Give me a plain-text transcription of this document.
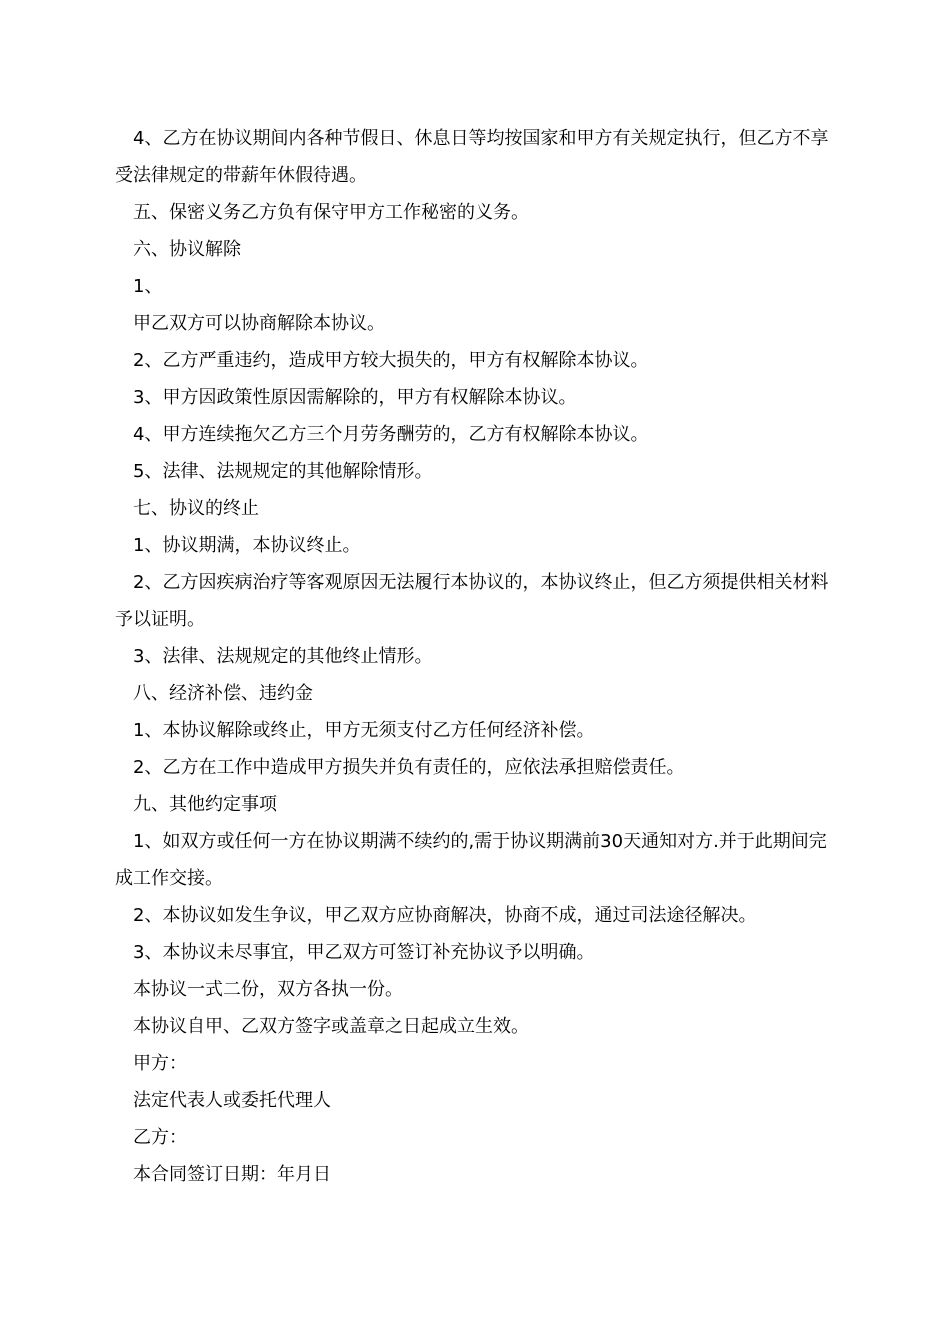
4、乙方在协议期间内各种节假日、休息日等均按国家和甲方有关规定执行，但乙方不享受法律规定的带薪年休假待遇。

五、保密义务乙方负有保守甲方工作秘密的义务。

六、协议解除

1、

甲乙双方可以协商解除本协议。

2、乙方严重违约，造成甲方较大损失的，甲方有权解除本协议。

3、甲方因政策性原因需解除的，甲方有权解除本协议。

4、甲方连续拖欠乙方三个月劳务酬劳的，乙方有权解除本协议。

5、法律、法规规定的其他解除情形。

七、协议的终止

1、协议期满，本协议终止。

2、乙方因疾病治疗等客观原因无法履行本协议的，本协议终止，但乙方须提供相关材料予以证明。

3、法律、法规规定的其他终止情形。

八、经济补偿、违约金

1、本协议解除或终止，甲方无须支付乙方任何经济补偿。

2、乙方在工作中造成甲方损失并负有责任的，应依法承担赔偿责任。

九、其他约定事项

1、如双方或任何一方在协议期满不续约的,需于协议期满前30天通知对方.并于此期间完成工作交接。

2、本协议如发生争议，甲乙双方应协商解决，协商不成，通过司法途径解决。

3、本协议未尽事宜，甲乙双方可签订补充协议予以明确。

本协议一式二份，双方各执一份。

本协议自甲、乙双方签字或盖章之日起成立生效。

甲方：

法定代表人或委托代理人

乙方：

本合同签订日期：年月日
